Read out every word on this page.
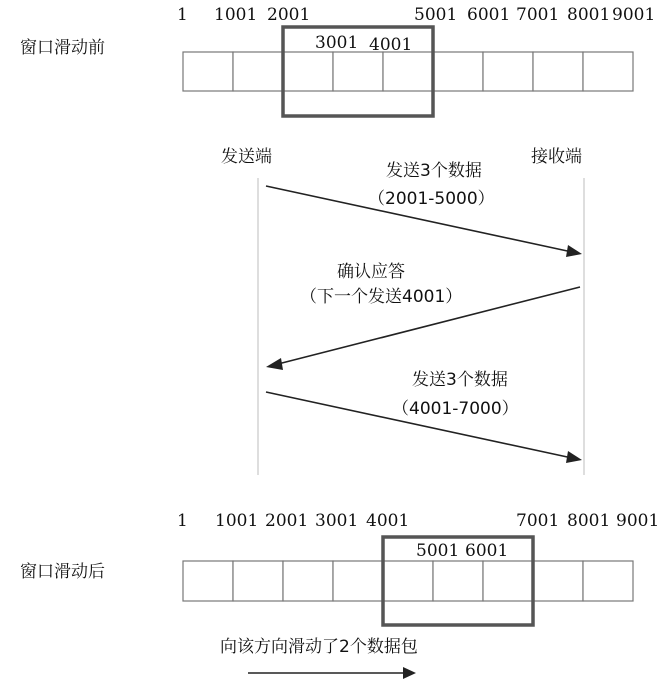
窗口滑动前
1 1001 2001	5001 6001 7001 8001 9001
3001 4001
发送端	接收端
发送3个数据
（2001-5000）
确认应答
（下一个发送4001）
发送3个数据
（4001-7000）
窗口滑动后
1 1001 2001 3001 4001	7001 8001 9001
5001 6001
向该方向滑动了2个数据包
